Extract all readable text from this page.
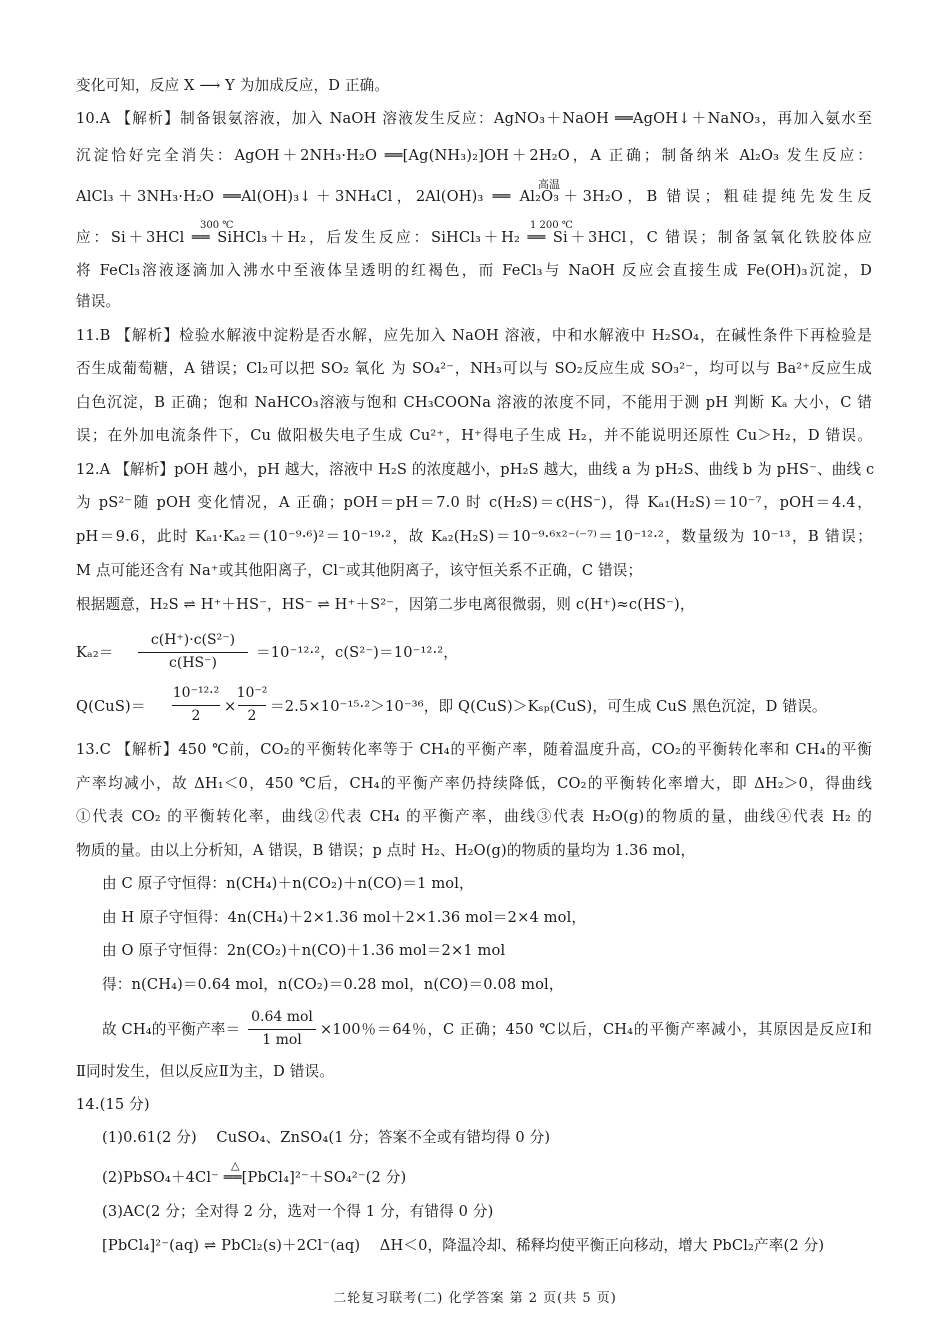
变化可知，反应 X ⟶ Y 为加成反应，D 正确。
10.A 【解析】制备银氨溶液，加入 NaOH 溶液发生反应：AgNO₃＋NaOH ══AgOH↓＋NaNO₃，再加入氨水至
沉淀恰好完全消失：AgOH＋2NH₃·H₂O ══[Ag(NH₃)₂]OH＋2H₂O，A 正确；制备纳米 Al₂O₃ 发生反应：
高温
AlCl₃＋3NH₃·H₂O ══Al(OH)₃↓＋3NH₄Cl，2Al(OH)₃ ══ Al₂O₃＋3H₂O，B 错误；粗硅提纯先发生反
300 ℃	1 200 ℃
应：Si＋3HCl ══ SiHCl₃＋H₂，后发生反应：SiHCl₃＋H₂ ══ Si＋3HCl，C 错误；制备氢氧化铁胶体应
将 FeCl₃溶液逐滴加入沸水中至液体呈透明的红褐色，而 FeCl₃与 NaOH 反应会直接生成 Fe(OH)₃沉淀，D
错误。
11.B 【解析】检验水解液中淀粉是否水解，应先加入 NaOH 溶液，中和水解液中 H₂SO₄，在碱性条件下再检验是
否生成葡萄糖，A 错误；Cl₂可以把 SO₂ 氧化 为 SO₄²⁻，NH₃可以与 SO₂反应生成 SO₃²⁻，均可以与 Ba²⁺反应生成
白色沉淀，B 正确；饱和 NaHCO₃溶液与饱和 CH₃COONa 溶液的浓度不同，不能用于测 pH 判断 Kₐ 大小，C 错
误；在外加电流条件下，Cu 做阳极失电子生成 Cu²⁺，H⁺得电子生成 H₂，并不能说明还原性 Cu＞H₂，D 错误。
12.A 【解析】pOH 越小，pH 越大，溶液中 H₂S 的浓度越小，pH₂S 越大，曲线 a 为 pH₂S、曲线 b 为 pHS⁻、曲线 c
为 pS²⁻随 pOH 变化情况，A 正确；pOH＝pH＝7.0 时 c(H₂S)＝c(HS⁻)，得 Kₐ₁(H₂S)＝10⁻⁷，pOH＝4.4，
pH＝9.6，此时 Kₐ₁·Kₐ₂＝(10⁻⁹·⁶)²＝10⁻¹⁹·²，故 Kₐ₂(H₂S)＝10⁻⁹·⁶ˣ²⁻⁽⁻⁷⁾＝10⁻¹²·²，数量级为 10⁻¹³，B 错误；
M 点可能还含有 Na⁺或其他阳离子，Cl⁻或其他阴离子，该守恒关系不正确，C 错误；
根据题意，H₂S ⇌ H⁺＋HS⁻，HS⁻ ⇌ H⁺＋S²⁻，因第二步电离很微弱，则 c(H⁺)≈c(HS⁻)，
Kₐ₂＝
c(H⁺)·c(S²⁻)
c(HS⁻)
＝10⁻¹²·²，c(S²⁻)＝10⁻¹²·²，
Q(CuS)＝
10⁻¹²·²
2
×
10⁻²
2
＝2.5×10⁻¹⁵·²＞10⁻³⁶，即 Q(CuS)＞Kₛₚ(CuS)，可生成 CuS 黑色沉淀，D 错误。
13.C 【解析】450 ℃前，CO₂的平衡转化率等于 CH₄的平衡产率，随着温度升高，CO₂的平衡转化率和 CH₄的平衡
产率均减小，故 ΔH₁＜0，450 ℃后，CH₄的平衡产率仍持续降低，CO₂的平衡转化率增大，即 ΔH₂＞0，得曲线
①代表 CO₂ 的平衡转化率，曲线②代表 CH₄ 的平衡产率，曲线③代表 H₂O(g)的物质的量，曲线④代表 H₂ 的
物质的量。由以上分析知，A 错误，B 错误；p 点时 H₂、H₂O(g)的物质的量均为 1.36 mol，
由 C 原子守恒得：n(CH₄)＋n(CO₂)＋n(CO)＝1 mol，
由 H 原子守恒得：4n(CH₄)＋2×1.36 mol＋2×1.36 mol＝2×4 mol，
由 O 原子守恒得：2n(CO₂)＋n(CO)＋1.36 mol＝2×1 mol
得：n(CH₄)＝0.64 mol，n(CO₂)＝0.28 mol，n(CO)＝0.08 mol，
故 CH₄的平衡产率＝
0.64 mol
1 mol
×100％＝64％，C 正确；450 ℃以后，CH₄的平衡产率减小，其原因是反应Ⅰ和
Ⅱ同时发生，但以反应Ⅱ为主，D 错误。
14.(15 分)
(1)0.61(2 分)　 CuSO₄、ZnSO₄(1 分；答案不全或有错均得 0 分)
△
(2)PbSO₄＋4Cl⁻ ══[PbCl₄]²⁻＋SO₄²⁻(2 分)
(3)AC(2 分；全对得 2 分，选对一个得 1 分，有错得 0 分)
[PbCl₄]²⁻(aq) ⇌ PbCl₂(s)＋2Cl⁻(aq)　 ΔH＜0，降温冷却、稀释均使平衡正向移动，增大 PbCl₂产率(2 分)
二轮复习联考(二) 化学答案 第 2 页(共 5 页)
